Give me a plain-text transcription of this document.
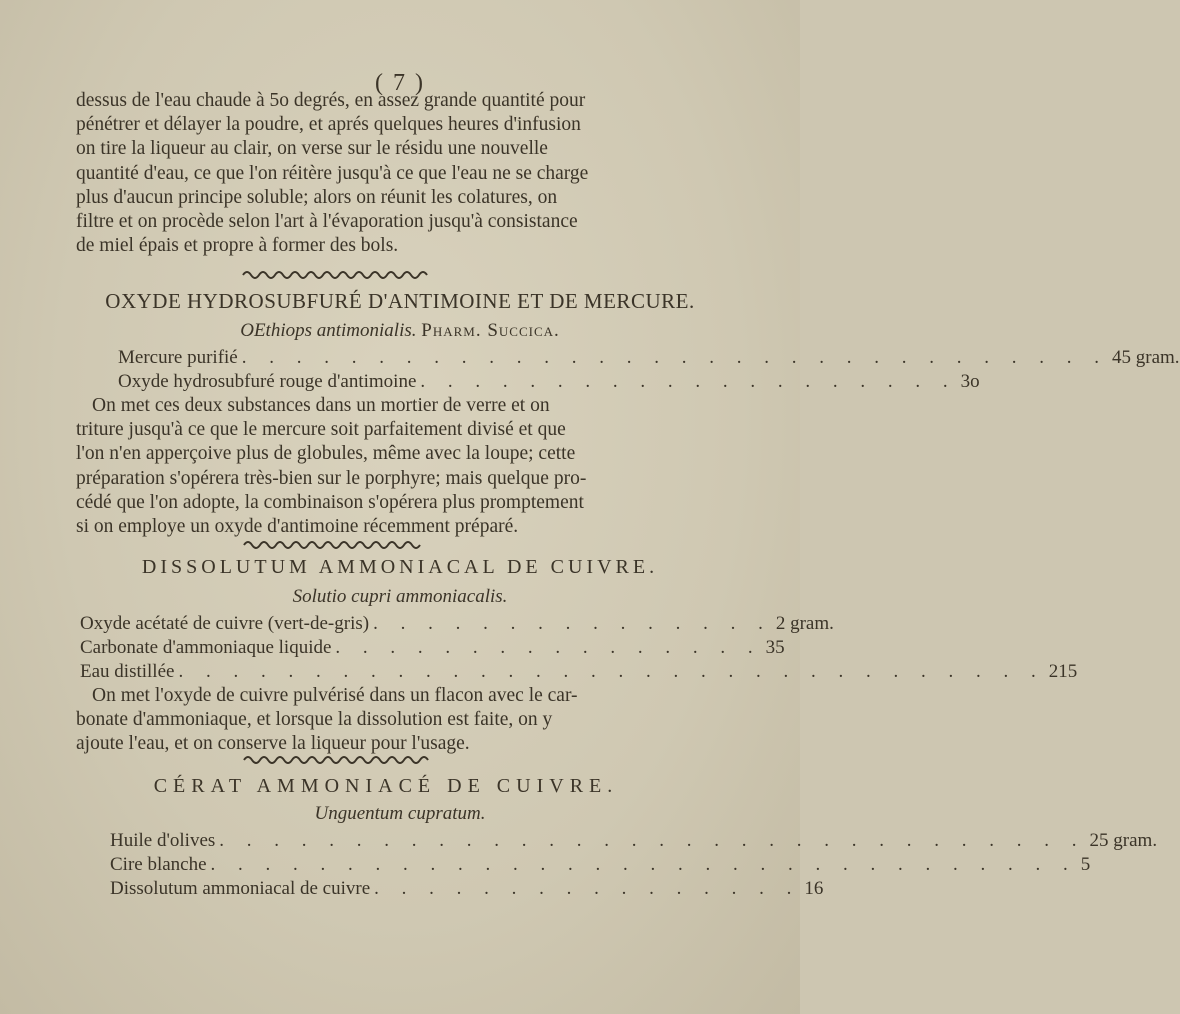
( 7 )
dessus de l'eau chaude à 5o degrés, en assez grande quantité pour
pénétrer et délayer la poudre, et aprés quelques heures d'infusion
on tire la liqueur au clair, on verse sur le résidu une nouvelle
quantité d'eau, ce que l'on réitère jusqu'à ce que l'eau ne se charge
plus d'aucun principe soluble; alors on réunit les colatures, on
filtre et on procède selon l'art à l'évaporation jusqu'à consistance
de miel épais et propre à former des bols.
OXYDE HYDROSUBFURÉ D'ANTIMOINE ET DE MERCURE.
OEthiops antimonialis. Pharm. Succica.
Mercure purifié . . . . . . . . . . . . . . . . . . . . . . . . . . . . . . . . 45 gram.
Oxyde hydrosubfuré rouge d'antimoine . . . . . . . . . . . . . . . . . . . . 3o
On met ces deux substances dans un mortier de verre et on
triture jusqu'à ce que le mercure soit parfaitement divisé et que
l'on n'en apperçoive plus de globules, même avec la loupe; cette
préparation s'opérera très-bien sur le porphyre; mais quelque pro-
cédé que l'on adopte, la combinaison s'opérera plus promptement
si on employe un oxyde d'antimoine récemment préparé.
DISSOLUTUM AMMONIACAL DE CUIVRE.
Solutio cupri ammoniacalis.
Oxyde acétaté de cuivre (vert-de-gris) . . . . . . . . . . . . . . . 2 gram.
Carbonate d'ammoniaque liquide . . . . . . . . . . . . . . . . 35
Eau distillée . . . . . . . . . . . . . . . . . . . . . . . . . . . . . . . . 215
On met l'oxyde de cuivre pulvérisé dans un flacon avec le car-
bonate d'ammoniaque, et lorsque la dissolution est faite, on y
ajoute l'eau, et on conserve la liqueur pour l'usage.
CÉRAT AMMONIACÉ DE CUIVRE.
Unguentum cupratum.
Huile d'olives . . . . . . . . . . . . . . . . . . . . . . . . . . . . . . . . 25 gram.
Cire blanche . . . . . . . . . . . . . . . . . . . . . . . . . . . . . . . . 5
Dissolutum ammoniacal de cuivre . . . . . . . . . . . . . . . . 16
